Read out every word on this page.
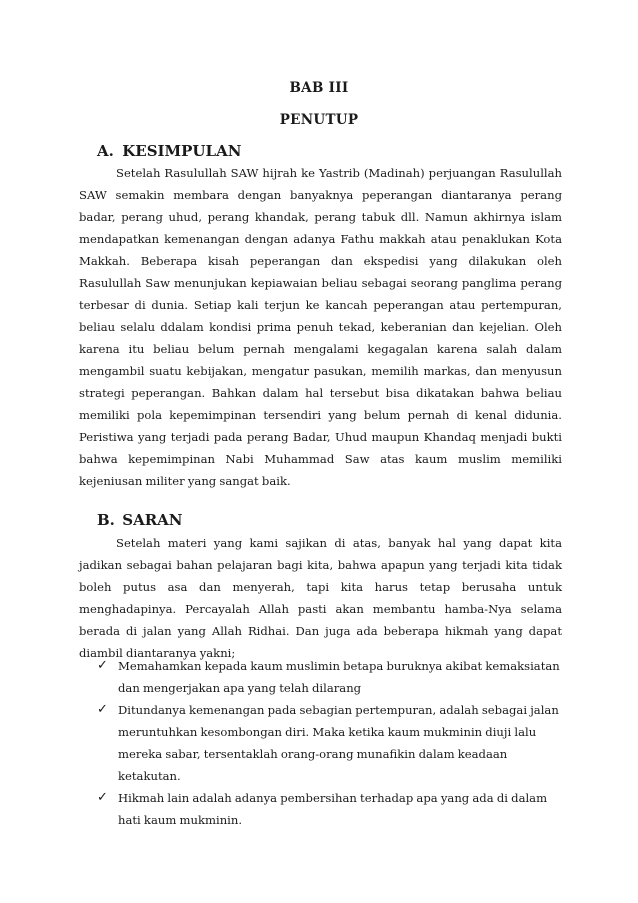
BAB III
PENUTUP
A. KESIMPULAN
Setelah Rasulullah SAW hijrah ke Yastrib (Madinah) perjuangan Rasulullah SAW semakin membara dengan banyaknya peperangan diantaranya perang badar, perang uhud, perang khandak, perang tabuk dll. Namun akhirnya islam mendapatkan kemenangan dengan adanya Fathu makkah atau penaklukan Kota Makkah. Beberapa kisah peperangan dan ekspedisi yang dilakukan oleh Rasulullah Saw menunjukan kepiawaian beliau sebagai seorang panglima perang terbesar di dunia. Setiap kali terjun ke kancah peperangan atau pertempuran, beliau selalu ddalam kondisi prima penuh tekad, keberanian dan kejelian. Oleh karena itu beliau belum pernah mengalami kegagalan karena salah dalam mengambil suatu kebijakan, mengatur pasukan, memilih markas, dan menyusun strategi peperangan. Bahkan dalam hal tersebut bisa dikatakan bahwa beliau memiliki pola kepemimpinan tersendiri yang belum pernah di kenal didunia. Peristiwa yang terjadi pada perang Badar, Uhud maupun Khandaq menjadi bukti bahwa kepemimpinan Nabi Muhammad Saw atas kaum muslim memiliki kejeniusan militer yang sangat baik.
B. SARAN
Setelah materi yang kami sajikan di atas, banyak hal yang dapat kita jadikan sebagai bahan pelajaran bagi kita, bahwa apapun yang terjadi kita tidak boleh putus asa dan menyerah, tapi kita harus tetap berusaha untuk menghadapinya. Percayalah Allah pasti akan membantu hamba-Nya selama berada di jalan yang Allah Ridhai. Dan juga ada beberapa hikmah yang dapat diambil diantaranya yakni;
✓ Memahamkan kepada kaum muslimin betapa buruknya akibat kemaksiatan dan mengerjakan apa yang telah dilarang
✓ Ditundanya kemenangan pada sebagian pertempuran, adalah sebagai jalan meruntuhkan kesombongan diri. Maka ketika kaum mukminin diuji lalu mereka sabar, tersentaklah orang-orang munafikin dalam keadaan ketakutan.
✓ Hikmah lain adalah adanya pembersihan terhadap apa yang ada di dalam hati kaum mukminin.
